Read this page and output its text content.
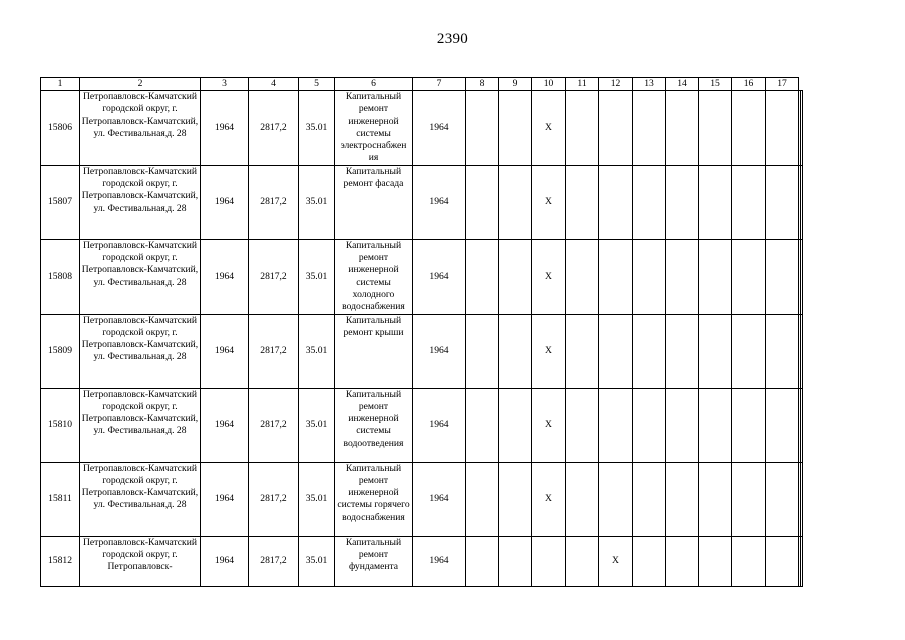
2390
1	2	3	4	5	6	7	8	9	10	11	12	13	14	15	16	17		
15806	Петропавловск-Камчатский городской округ, г. Петропавловск-Камчатский, ул. Фестивальная,д. 28	1964	2817,2	35.01	Капитальный ремонт инженерной системы электроснабжен ия	1964			X									
15807	Петропавловск-Камчатский городской округ, г. Петропавловск-Камчатский, ул. Фестивальная,д. 28	1964	2817,2	35.01	Капитальный ремонт фасада	1964			X									
15808	Петропавловск-Камчатский городской округ, г. Петропавловск-Камчатский, ул. Фестивальная,д. 28	1964	2817,2	35.01	Капитальный ремонт инженерной системы холодного водоснабжения	1964			X									
15809	Петропавловск-Камчатский городской округ, г. Петропавловск-Камчатский, ул. Фестивальная,д. 28	1964	2817,2	35.01	Капитальный ремонт крыши	1964			X									
15810	Петропавловск-Камчатский городской округ, г. Петропавловск-Камчатский, ул. Фестивальная,д. 28	1964	2817,2	35.01	Капитальный ремонт инженерной системы водоотведения	1964			X									
15811	Петропавловск-Камчатский городской округ, г. Петропавловск-Камчатский, ул. Фестивальная,д. 28	1964	2817,2	35.01	Капитальный ремонт инженерной системы горячего водоснабжения	1964			X									
15812	Петропавловск-Камчатский городской округ, г. Петропавловск-	1964	2817,2	35.01	Капитальный ремонт фундамента	1964					X							
